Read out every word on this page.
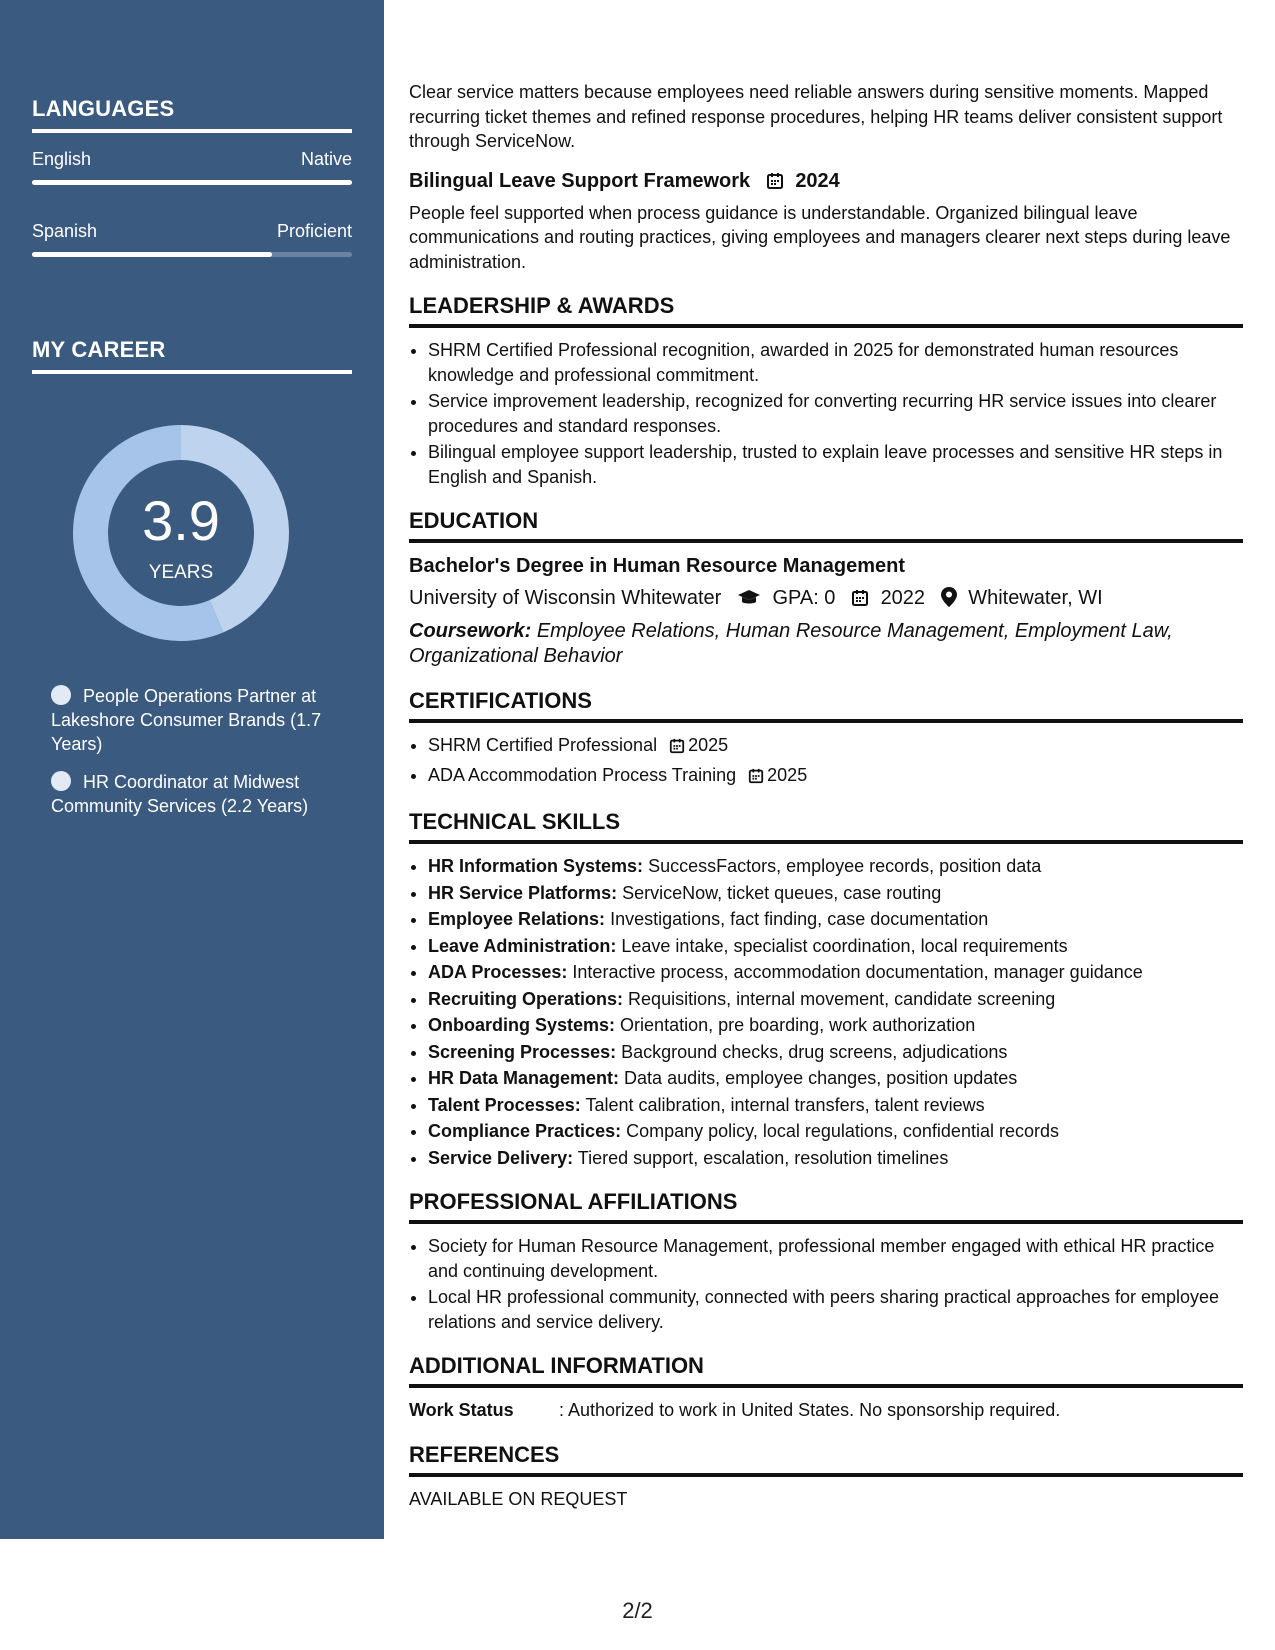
LANGUAGES
English	Native
Spanish	Proficient
MY CAREER
3.9
YEARS
People Operations Partner at Lakeshore Consumer Brands (1.7 Years)
HR Coordinator at Midwest Community Services (2.2 Years)

Clear service matters because employees need reliable answers during sensitive moments. Mapped recurring ticket themes and refined response procedures, helping HR teams deliver consistent support through ServiceNow.

Bilingual Leave Support Framework 2024

People feel supported when process guidance is understandable. Organized bilingual leave communications and routing practices, giving employees and managers clearer next steps during leave administration.

LEADERSHIP & AWARDS
• SHRM Certified Professional recognition, awarded in 2025 for demonstrated human resources knowledge and professional commitment.
• Service improvement leadership, recognized for converting recurring HR service issues into clearer procedures and standard responses.
• Bilingual employee support leadership, trusted to explain leave processes and sensitive HR steps in English and Spanish.
EDUCATION
Bachelor's Degree in Human Resource Management
University of Wisconsin Whitewater	GPA: 0 2022 Whitewater, WI
Coursework: Employee Relations, Human Resource Management, Employment Law, Organizational Behavior
CERTIFICATIONS
• SHRM Certified Professional 2025
• ADA Accommodation Process Training 2025
TECHNICAL SKILLS
• HR Information Systems: SuccessFactors, employee records, position data
• HR Service Platforms: ServiceNow, ticket queues, case routing
• Employee Relations: Investigations, fact finding, case documentation
• Leave Administration: Leave intake, specialist coordination, local requirements
• ADA Processes: Interactive process, accommodation documentation, manager guidance
• Recruiting Operations: Requisitions, internal movement, candidate screening
• Onboarding Systems: Orientation, pre boarding, work authorization
• Screening Processes: Background checks, drug screens, adjudications
• HR Data Management: Data audits, employee changes, position updates
• Talent Processes: Talent calibration, internal transfers, talent reviews
• Compliance Practices: Company policy, local regulations, confidential records
• Service Delivery: Tiered support, escalation, resolution timelines
PROFESSIONAL AFFILIATIONS
• Society for Human Resource Management, professional member engaged with ethical HR practice and continuing development.
• Local HR professional community, connected with peers sharing practical approaches for employee relations and service delivery.
ADDITIONAL INFORMATION
Work Status	: Authorized to work in United States. No sponsorship required.
REFERENCES
AVAILABLE ON REQUEST
2/2
